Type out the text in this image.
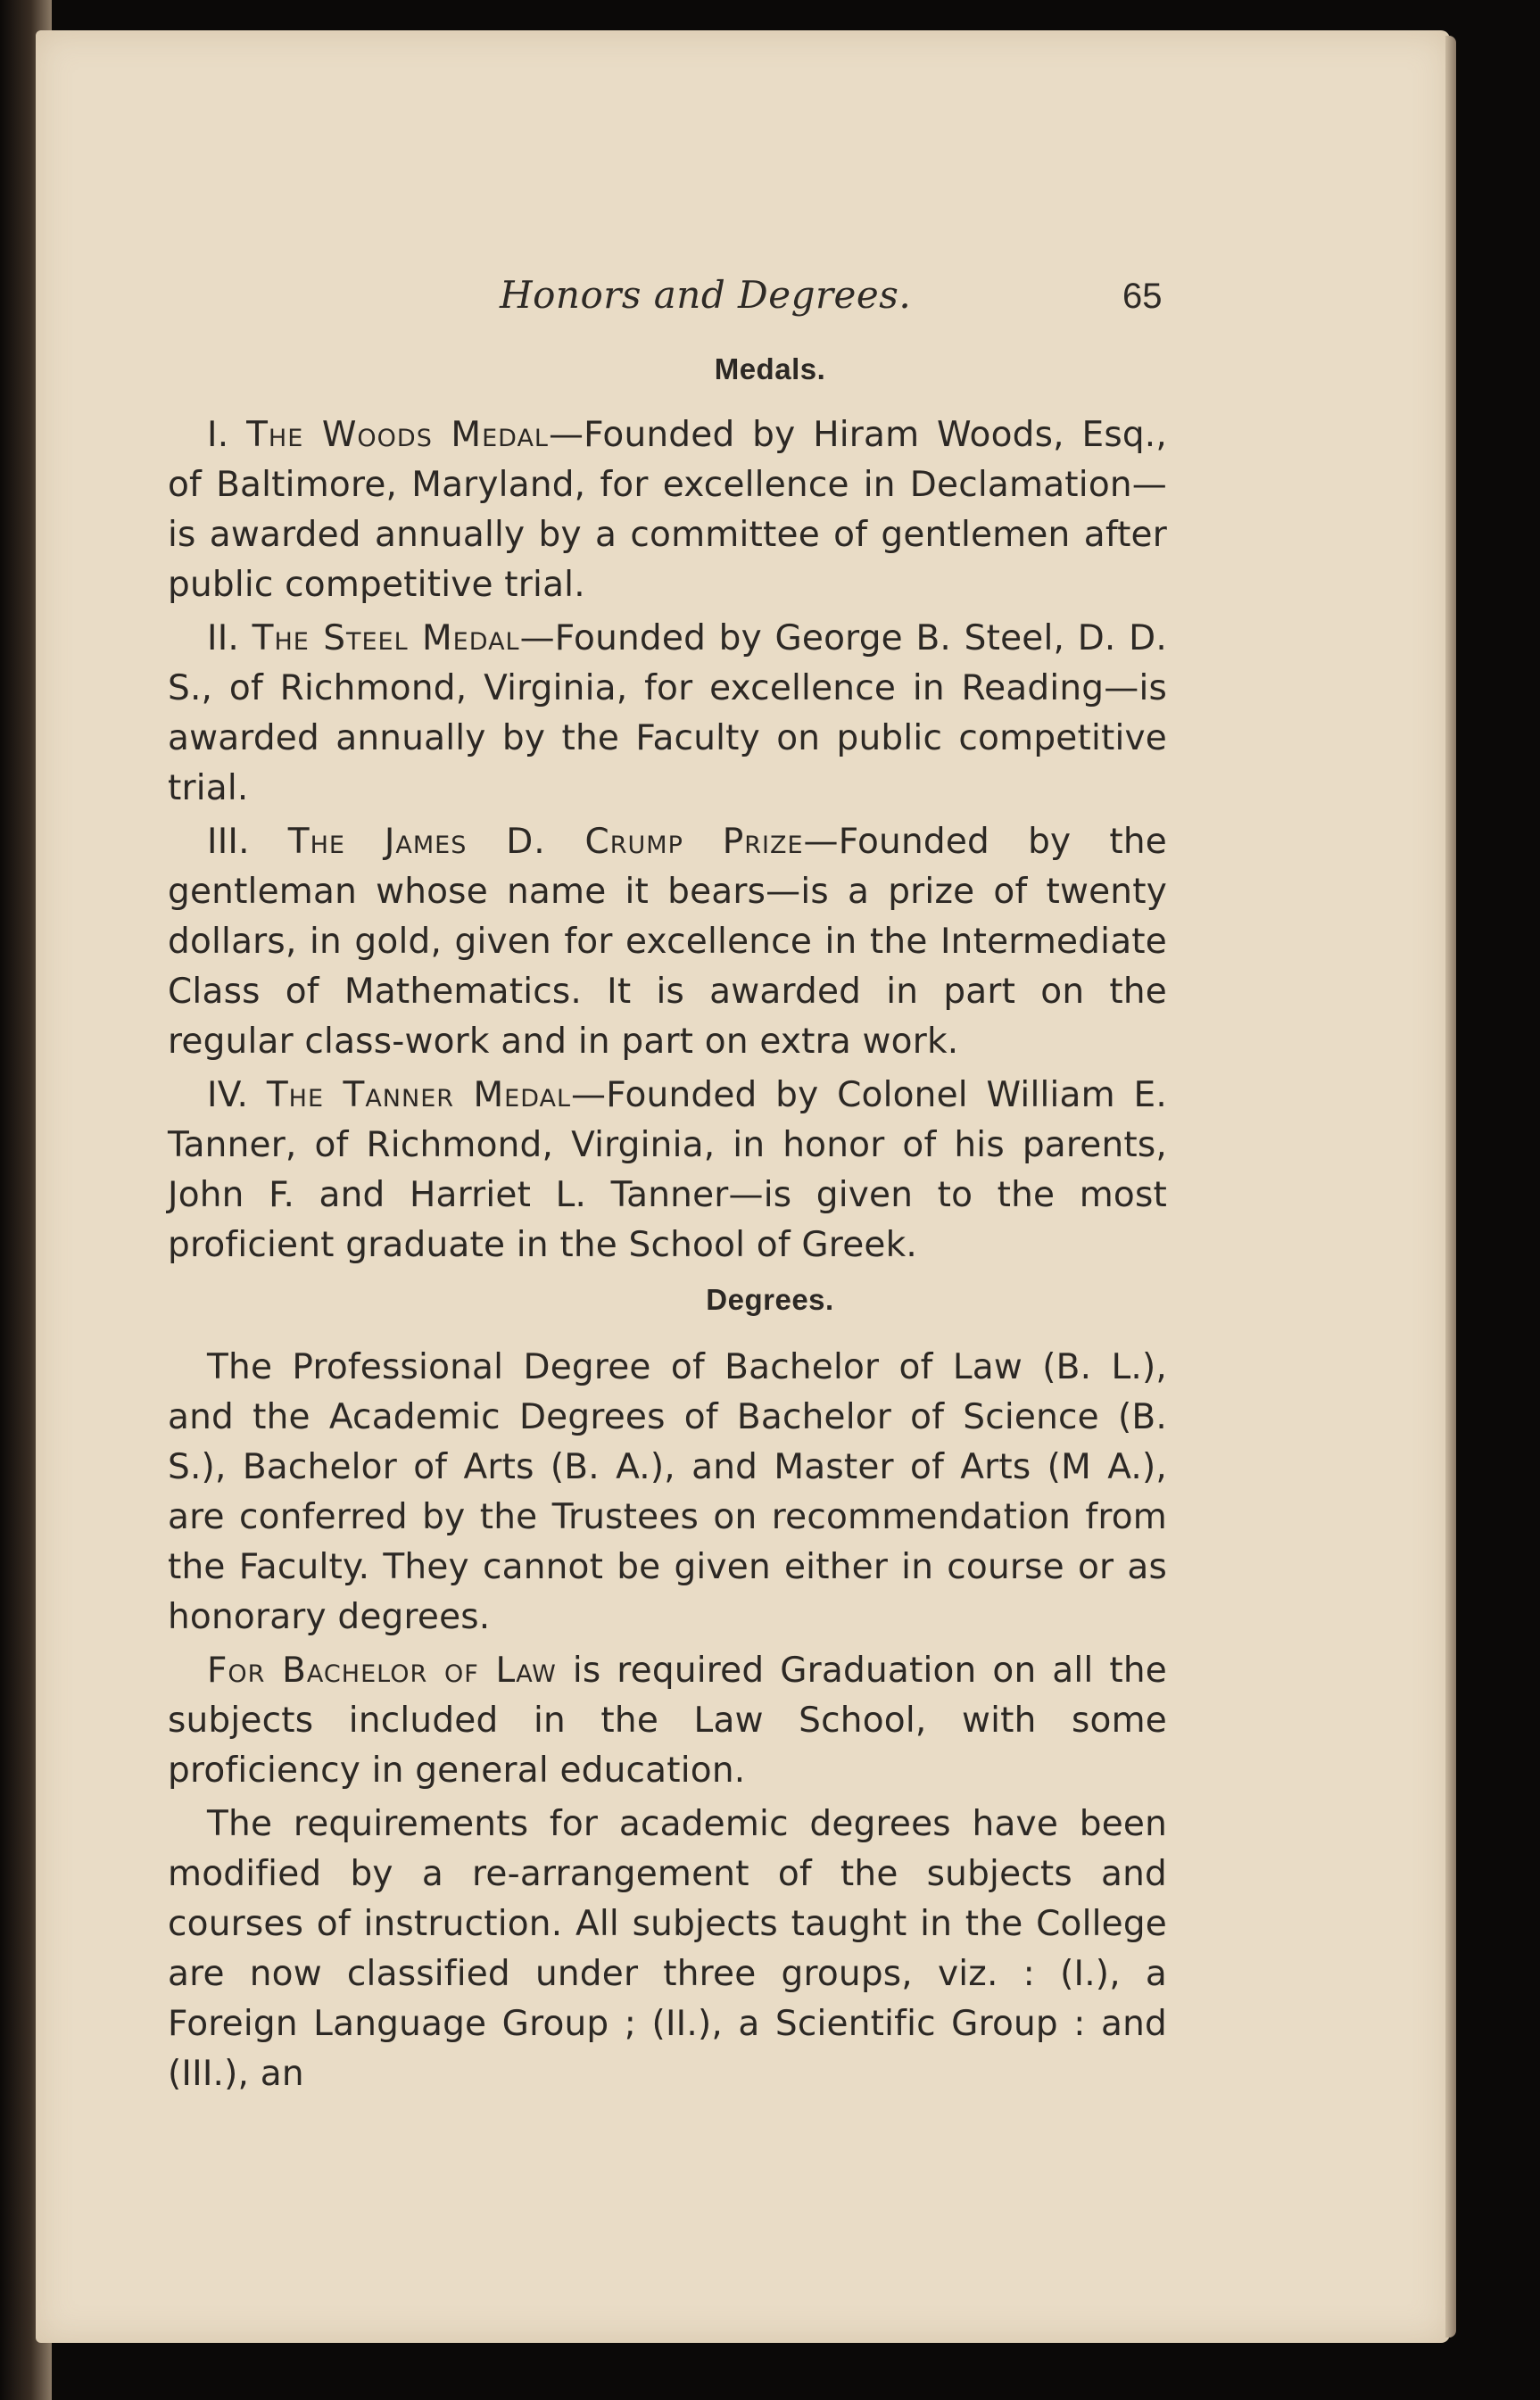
Honors and Degrees.	65
Medals.

I. The Woods Medal—Founded by Hiram Woods, Esq., of Baltimore, Maryland, for excellence in Declamation—is awarded annually by a committee of gentlemen after public competitive trial.

II. The Steel Medal—Founded by George B. Steel, D. D. S., of Richmond, Virginia, for excellence in Reading—is awarded annually by the Faculty on public competitive trial.

III. The James D. Crump Prize—Founded by the gentleman whose name it bears—is a prize of twenty dollars, in gold, given for excellence in the Intermediate Class of Mathematics. It is awarded in part on the regular class-work and in part on extra work.

IV. The Tanner Medal—Founded by Colonel William E. Tanner, of Richmond, Virginia, in honor of his parents, John F. and Harriet L. Tanner—is given to the most proficient graduate in the School of Greek.

Degrees.

The Professional Degree of Bachelor of Law (B. L.), and the Academic Degrees of Bachelor of Science (B. S.), Bachelor of Arts (B. A.), and Master of Arts (M A.), are conferred by the Trustees on recommendation from the Faculty. They cannot be given either in course or as honorary degrees.

For Bachelor of Law is required Graduation on all the subjects included in the Law School, with some proficiency in general education.

The requirements for academic degrees have been modified by a re-arrangement of the subjects and courses of instruction. All subjects taught in the College are now classified under three groups, viz. : (I.), a Foreign Language Group ; (II.), a Scientific Group : and (III.), an
